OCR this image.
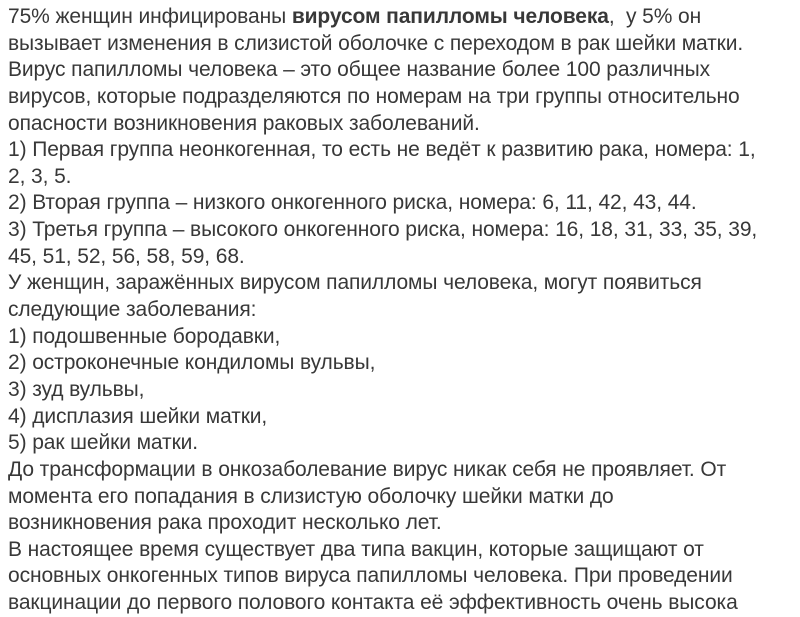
75% женщин инфицированы вирусом папилломы человека,  у 5% он
вызывает изменения в слизистой оболочке с переходом в рак шейки матки.
Вирус папилломы человека – это общее название более 100 различных
вирусов, которые подразделяются по номерам на три группы относительно
опасности возникновения раковых заболеваний.
1) Первая группа неонкогенная, то есть не ведёт к развитию рака, номера: 1,
2, 3, 5.
2) Вторая группа – низкого онкогенного риска, номера: 6, 11, 42, 43, 44.
3) Третья группа – высокого онкогенного риска, номера: 16, 18, 31, 33, 35, 39,
45, 51, 52, 56, 58, 59, 68.
У женщин, заражённых вирусом папилломы человека, могут появиться
следующие заболевания:
1) подошвенные бородавки,
2) остроконечные кондиломы вульвы,
3) зуд вульвы,
4) дисплазия шейки матки,
5) рак шейки матки.
До трансформации в онкозаболевание вирус никак себя не проявляет. От
момента его попадания в слизистую оболочку шейки матки до
возникновения рака проходит несколько лет.
В настоящее время существует два типа вакцин, которые защищают от
основных онкогенных типов вируса папилломы человека. При проведении
вакцинации до первого полового контакта её эффективность очень высока
